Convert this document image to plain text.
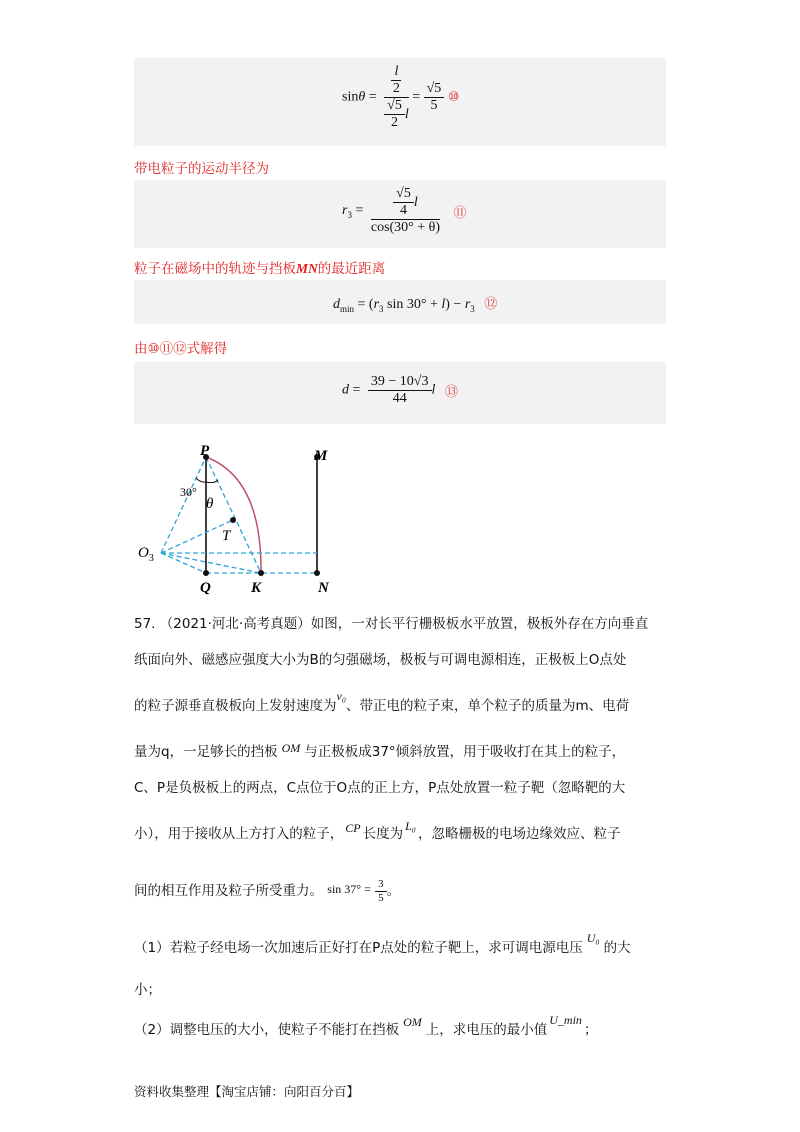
$\sin\theta = \frac{\frac{l}{2}}{\frac{√5}{2} l} = \frac{√5}{5}$ ⑩
带电粒子的运动半径为
$r_3 = \frac{\frac{√5}{4} l}{\cos(30^\circ + \theta)}$ ⑪
粒子在磁场中的轨迹与挡板MN的最近距离
$d_{min} = (r_3$ $\sin 30^\circ + l) - r_3$ ⑫
由⑩⑪⑫式解得
$d = \frac{39 - 10√3}{44}$ l ⑬
P	M
30°
θ
T
$O_3$
Q	K	N
57. （2021·河北·高考真题）如图，一对长平行栅极板水平放置，极板外存在方向垂直
纸面向外、磁感应强度大小为B的匀强磁场，极板与可调电源相连，正极板上O点处
的粒子源垂直极板向上发射速度为v₀、带正电的粒子束，单个粒子的质量为m、电荷
量为q，一足够长的挡板 OM 与正极板成37°倾斜放置，用于吸收打在其上的粒子，
C、P是负极板上的两点，C点位于O点的正上方，P点处放置一粒子靶（忽略靶的大
小），用于接收从上方打入的粒子， CP 长度为 L₀ ，忽略栅极的电场边缘效应、粒子
间的相互作用及粒子所受重力。 $\sin 37^\circ = \frac{3}{5}$ 。
（1）若粒子经电场一次加速后正好打在P点处的粒子靶上，求可调电源电压U₀的大
小；
（2）调整电压的大小，使粒子不能打在挡板 OM 上，求电压的最小值U_min；
资料收集整理【淘宝店铺：向阳百分百】
